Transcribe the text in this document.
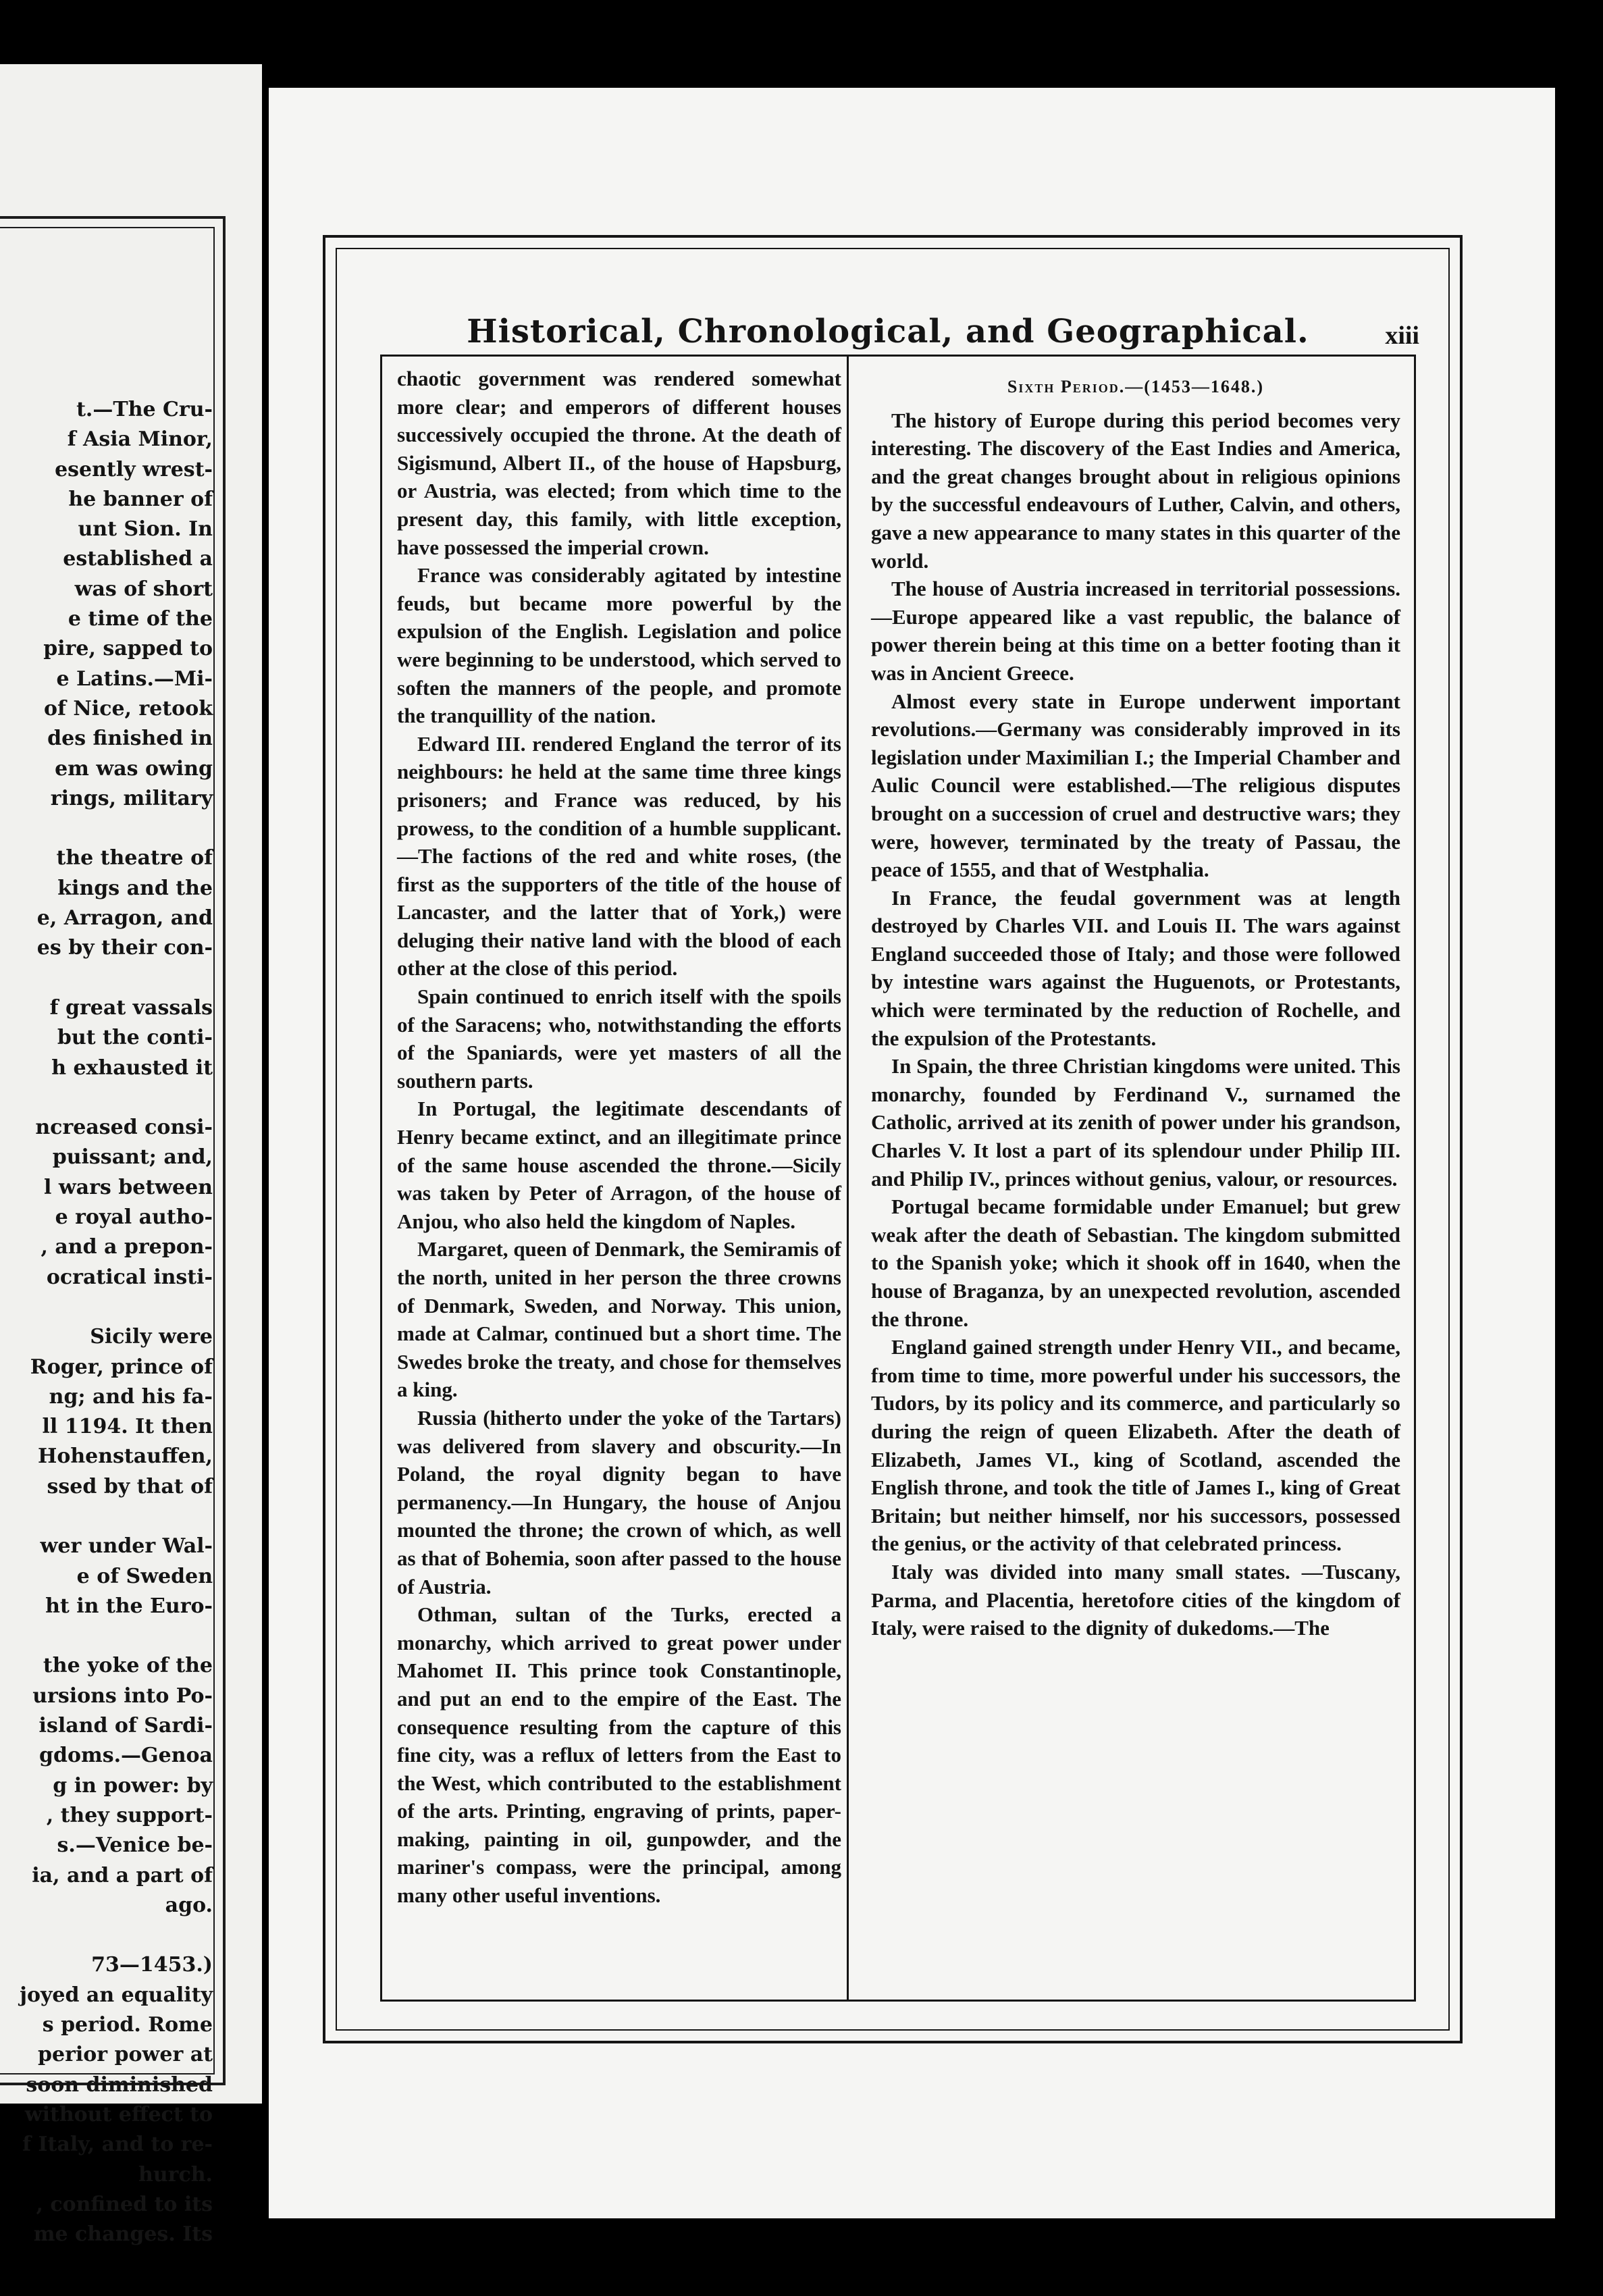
t.—The Cru-
f Asia Minor,
esently wrest-
he banner of
unt Sion. In
established a
was of short
e time of the
pire, sapped to
e Latins.—Mi-
of Nice, retook
des finished in
em was owing
rings, military

the theatre of
kings and the
e, Arragon, and
es by their con-

f great vassals
but the conti-
h exhausted it

ncreased consi-
puissant; and,
l wars between
e royal autho-
, and a prepon-
ocratical insti-

Sicily were
Roger, prince of
ng; and his fa-
ll 1194. It then
Hohenstauffen,
ssed by that of

wer under Wal-
e of Sweden
ht in the Euro-

the yoke of the
ursions into Po-
island of Sardi-
gdoms.—Genoa
g in power: by
, they support-
s.—Venice be-
ia, and a part of
ago.

73—1453.)
joyed an equality
s period. Rome
perior power at
soon diminished
without effect to
f Italy, and to re-
hurch.
, confined to its
me changes. Its
Historical, Chronological, and Geographical.	xiii

chaotic government was rendered somewhat more clear; and emperors of different houses successively occupied the throne. At the death of Sigismund, Albert II., of the house of Hapsburg, or Austria, was elected; from which time to the present day, this family, with little exception, have possessed the imperial crown.

France was considerably agitated by intestine feuds, but became more powerful by the expulsion of the English. Legislation and police were beginning to be understood, which served to soften the manners of the people, and promote the tranquillity of the nation.

Edward III. rendered England the terror of its neighbours: he held at the same time three kings prisoners; and France was reduced, by his prowess, to the condition of a humble supplicant.—The factions of the red and white roses, (the first as the supporters of the title of the house of Lancaster, and the latter that of York,) were deluging their native land with the blood of each other at the close of this period.

Spain continued to enrich itself with the spoils of the Saracens; who, notwithstanding the efforts of the Spaniards, were yet masters of all the southern parts.

In Portugal, the legitimate descendants of Henry became extinct, and an illegitimate prince of the same house ascended the throne.—Sicily was taken by Peter of Arragon, of the house of Anjou, who also held the kingdom of Naples.

Margaret, queen of Denmark, the Semiramis of the north, united in her person the three crowns of Denmark, Sweden, and Norway. This union, made at Calmar, continued but a short time. The Swedes broke the treaty, and chose for themselves a king.

Russia (hitherto under the yoke of the Tartars) was delivered from slavery and obscurity.—In Poland, the royal dignity began to have permanency.—In Hungary, the house of Anjou mounted the throne; the crown of which, as well as that of Bohemia, soon after passed to the house of Austria.

Othman, sultan of the Turks, erected a monarchy, which arrived to great power under Mahomet II. This prince took Constantinople, and put an end to the empire of the East. The consequence resulting from the capture of this fine city, was a reflux of letters from the East to the West, which contributed to the establishment of the arts. Printing, engraving of prints, paper-making, painting in oil, gunpowder, and the mariner's compass, were the principal, among many other useful inventions.

Sixth Period.—(1453—1648.)

The history of Europe during this period becomes very interesting. The discovery of the East Indies and America, and the great changes brought about in religious opinions by the successful endeavours of Luther, Calvin, and others, gave a new appearance to many states in this quarter of the world.

The house of Austria increased in territorial possessions.—Europe appeared like a vast republic, the balance of power therein being at this time on a better footing than it was in Ancient Greece.

Almost every state in Europe underwent important revolutions.—Germany was considerably improved in its legislation under Maximilian I.; the Imperial Chamber and Aulic Council were established.—The religious disputes brought on a succession of cruel and destructive wars; they were, however, terminated by the treaty of Passau, the peace of 1555, and that of Westphalia.

In France, the feudal government was at length destroyed by Charles VII. and Louis II. The wars against England succeeded those of Italy; and those were followed by intestine wars against the Huguenots, or Protestants, which were terminated by the reduction of Rochelle, and the expulsion of the Protestants.

In Spain, the three Christian kingdoms were united. This monarchy, founded by Ferdinand V., surnamed the Catholic, arrived at its zenith of power under his grandson, Charles V. It lost a part of its splendour under Philip III. and Philip IV., princes without genius, valour, or resources.

Portugal became formidable under Emanuel; but grew weak after the death of Sebastian. The kingdom submitted to the Spanish yoke; which it shook off in 1640, when the house of Braganza, by an unexpected revolution, ascended the throne.

England gained strength under Henry VII., and became, from time to time, more powerful under his successors, the Tudors, by its policy and its commerce, and particularly so during the reign of queen Elizabeth. After the death of Elizabeth, James VI., king of Scotland, ascended the English throne, and took the title of James I., king of Great Britain; but neither himself, nor his successors, possessed the genius, or the activity of that celebrated princess.

Italy was divided into many small states. —Tuscany, Parma, and Placentia, heretofore cities of the kingdom of Italy, were raised to the dignity of dukedoms.—The
